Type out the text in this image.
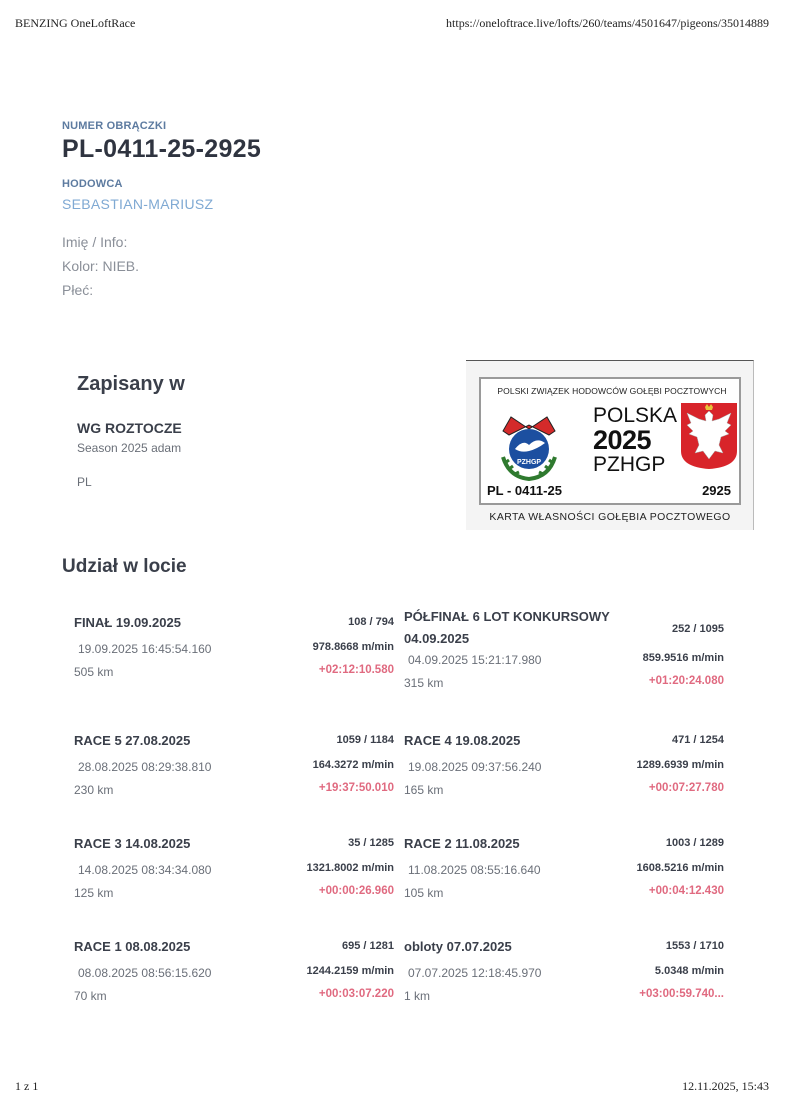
BENZING OneLoftRace	https://oneloftrace.live/lofts/260/teams/4501647/pigeons/35014889
NUMER OBRĄCZKI
PL-0411-25-2925
HODOWCA
SEBASTIAN-MARIUSZ
Imię / Info:
Kolor: NIEB.
Płeć:
Zapisany w
WG ROZTOCZE
Season 2025 adam
PL
POLSKI ZWIĄZEK HODOWCÓW GOŁĘBI POCZTOWYCH
PZHGP
POLSKA
2025
PZHGP
PL - 0411-25	2925
KARTA WŁASNOŚCI GOŁĘBIA POCZTOWEGO
Udział w locie
FINAŁ 19.09.2025	108 / 794
19.09.2025 16:45:54.160	978.8668 m/min
505 km	+02:12:10.580
PÓŁFINAŁ 6 LOT KONKURSOWY 04.09.2025
252 / 1095
04.09.2025 15:21:17.980	859.9516 m/min
315 km	+01:20:24.080
RACE 5 27.08.2025	1059 / 1184
28.08.2025 08:29:38.810	164.3272 m/min
230 km	+19:37:50.010
RACE 4 19.08.2025	471 / 1254
19.08.2025 09:37:56.240	1289.6939 m/min
165 km	+00:07:27.780
RACE 3 14.08.2025	35 / 1285
14.08.2025 08:34:34.080	1321.8002 m/min
125 km	+00:00:26.960
RACE 2 11.08.2025	1003 / 1289
11.08.2025 08:55:16.640	1608.5216 m/min
105 km	+00:04:12.430
RACE 1 08.08.2025	695 / 1281
08.08.2025 08:56:15.620	1244.2159 m/min
70 km	+00:03:07.220
obloty 07.07.2025	1553 / 1710
07.07.2025 12:18:45.970	5.0348 m/min
1 km	+03:00:59.740...
1 z 1	12.11.2025, 15:43
